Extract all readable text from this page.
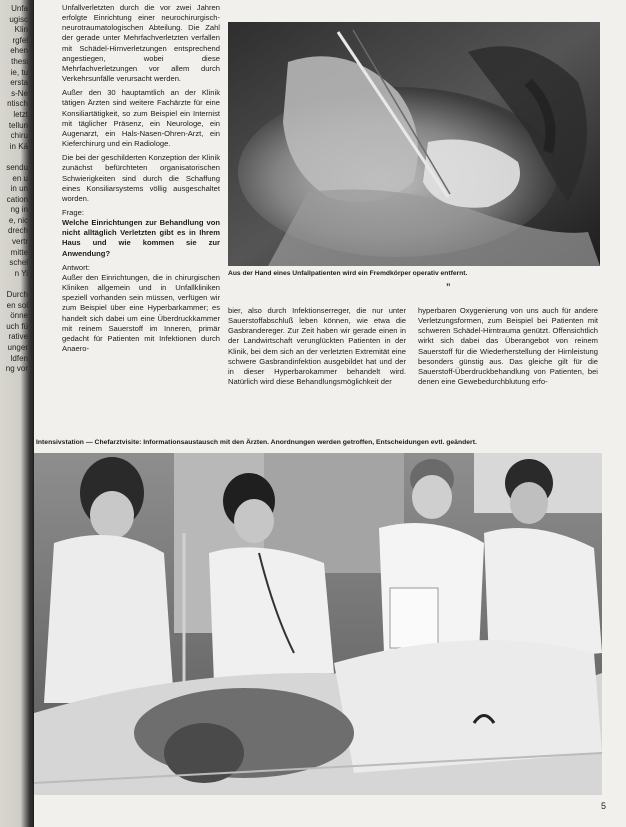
Unfa
ugisc
Klin
rgfel
ehen
thesi
ie, tu
ersta
s-Ne
ntisch
letzt
tellun
chiru
in Kä

sendu
en u
in un
cation
ng in
e, nic
drech
vertr
mitte
schel
n Yi

Durch
en sol
önne
uch fü
rative
unger
ldfen
ng vor

Unfallverletzten durch die vor zwei Jahren erfolgte Einrichtung einer neurochirurgisch-neurotraumatologischen Abteilung. Die Zahl der gerade unter Mehrfachverletzten verfallen mit Schädel-Hirnverletzungen entsprechend angestiegen, wobei diese Mehrfachverletzungen vor allem durch Verkehrsunfälle verursacht werden.

Außer den 30 hauptamtlich an der Klinik tätigen Ärzten sind weitere Fachärzte für eine Konsiliartätigkeit, so zum Beispiel ein Internist mit täglicher Präsenz, ein Neurologe, ein Augenarzt, ein Hals-Nasen-Ohren-Arzt, ein Kieferchirurg und ein Radiologe.

Die bei der geschilderten Konzeption der Klinik zunächst befürchteten organisatorischen Schwierigkeiten sind durch die Schaffung eines Konsiliarsystems völlig ausgeschaltet worden.

Frage:

Welche Einrichtungen zur Behandlung von nicht alltäglich Verletzten gibt es in Ihrem Haus und wie kommen sie zur Anwendung?

Antwort:

Außer den Einrichtungen, die in chirurgischen Kliniken allgemein und in Unfallkliniken speziell vorhanden sein müssen, verfügen wir zum Beispiel über eine Hyperbarkammer; es handelt sich dabei um eine Überdruckkammer mit reinem Sauerstoff im Inneren, primär gedacht für Patienten mit Infektionen durch Anaero-

Aus der Hand eines Unfallpatienten wird ein Fremdkörper operativ entfernt.
”

bier, also durch Infektionserreger, die nur unter Sauerstoffabschluß leben können, wie etwa die Gasbrandereger. Zur Zeit haben wir gerade einen in der Landwirtschaft verunglückten Patienten in der Klinik, bei dem sich an der verletzten Extremität eine schwere Gasbrandinfektion ausgebildet hat und der in dieser Hyperbarokammer behandelt wird. Natürlich wird diese Behandlungsmöglichkeit der

hyperbaren Oxygenierung von uns auch für andere Verletzungsformen, zum Beispiel bei Patienten mit schweren Schädel-Hirntrauma genützt. Offensichtlich wirkt sich dabei das Überangebot von reinem Sauerstoff für die Wiederherstellung der Hirnleistung besonders günstig aus. Das gleiche gilt für die Sauerstoff-Überdruckbehandlung von Patienten, bei denen eine Gewebedurchblutung erfo-

Intensivstation — Chefarztvisite: Informationsaustausch mit den Ärzten. Anordnungen werden getroffen, Entscheidungen evtl. geändert.
5
